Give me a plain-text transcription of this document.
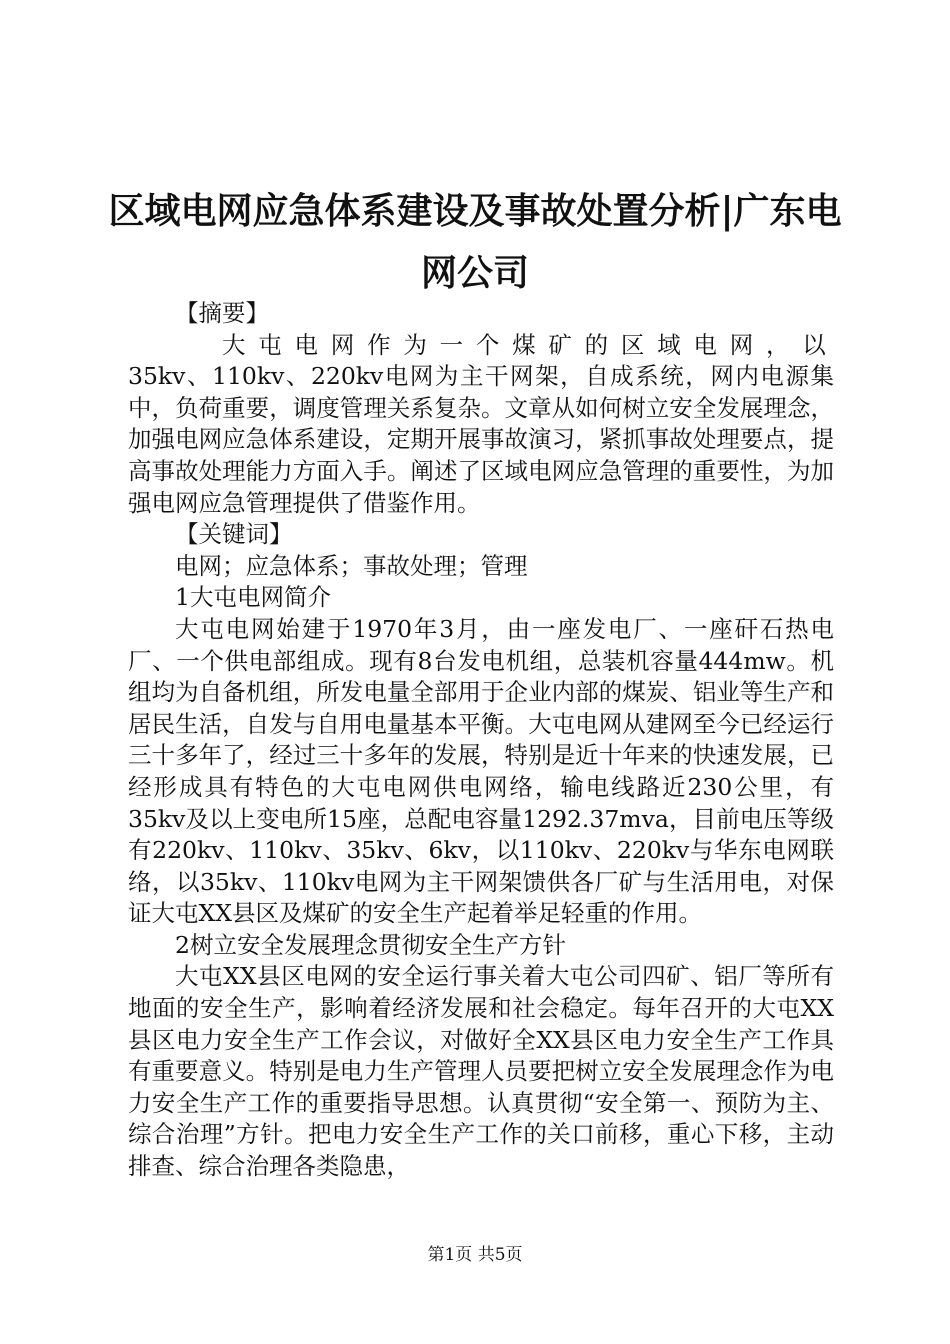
区域电网应急体系建设及事故处置分析|广东电网公司

【摘要】

大屯电网作为一个煤矿的区域电网，以

35kv、110kv、220kv电网为主干网架，自成系统，网内电源集中，负荷重要，调度管理关系复杂。文章从如何树立安全发展理念，加强电网应急体系建设，定期开展事故演习，紧抓事故处理要点，提高事故处理能力方面入手。阐述了区域电网应急管理的重要性，为加强电网应急管理提供了借鉴作用。

【关键词】

电网；应急体系；事故处理；管理

1大屯电网简介

大屯电网始建于1970年3月，由一座发电厂、一座矸石热电厂、一个供电部组成。现有8台发电机组，总装机容量444mw。机组均为自备机组，所发电量全部用于企业内部的煤炭、铝业等生产和居民生活，自发与自用电量基本平衡。大屯电网从建网至今已经运行三十多年了，经过三十多年的发展，特别是近十年来的快速发展，已经形成具有特色的大屯电网供电网络，输电线路近230公里，有35kv及以上变电所15座，总配电容量1292.37mva，目前电压等级有220kv、110kv、35kv、6kv，以110kv、220kv与华东电网联络，以35kv、110kv电网为主干网架馈供各厂矿与生活用电，对保证大屯XX县区及煤矿的安全生产起着举足轻重的作用。

2树立安全发展理念贯彻安全生产方针

大屯XX县区电网的安全运行事关着大屯公司四矿、铝厂等所有地面的安全生产，影响着经济发展和社会稳定。每年召开的大屯XX县区电力安全生产工作会议，对做好全XX县区电力安全生产工作具有重要意义。特别是电力生产管理人员要把树立安全发展理念作为电力安全生产工作的重要指导思想。认真贯彻“安全第一、预防为主、综合治理”方针。把电力安全生产工作的关口前移，重心下移，主动排查、综合治理各类隐患，

第1页 共5页
